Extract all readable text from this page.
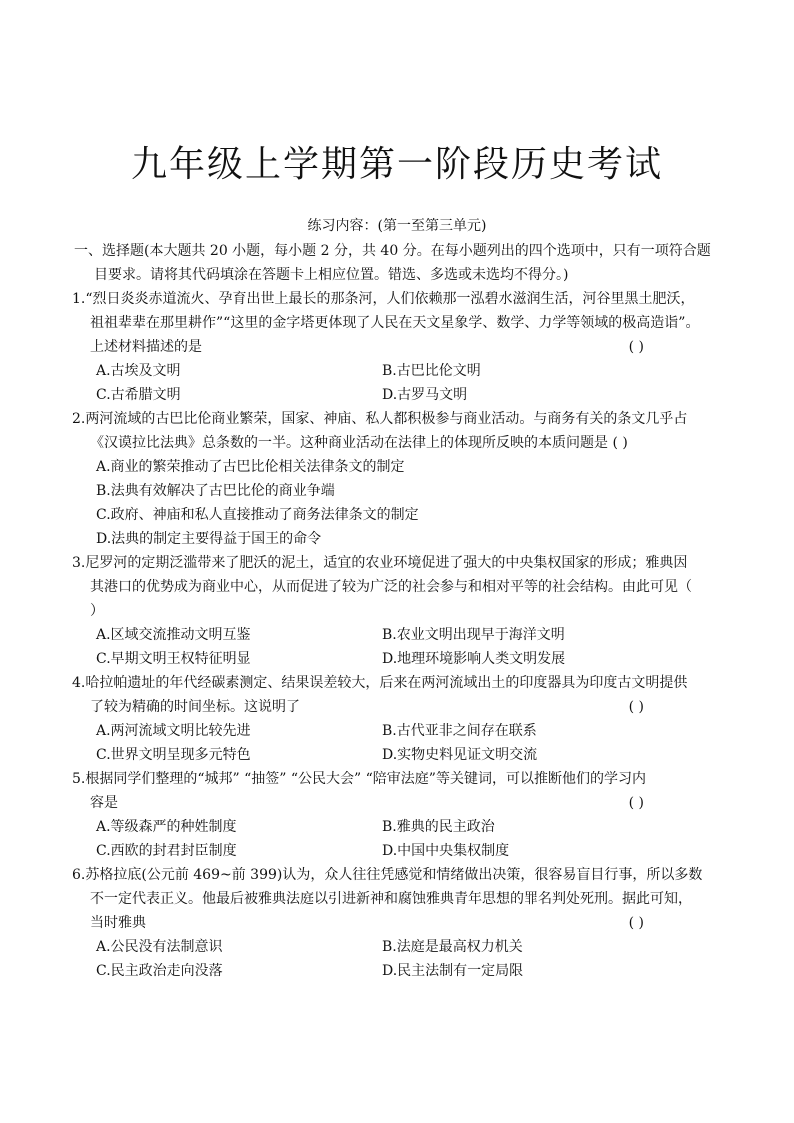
九年级上学期第一阶段历史考试
练习内容：(第一至第三单元)
一、选择题(本大题共 20 小题，每小题 2 分，共 40 分。在每小题列出的四个选项中，只有一项符合题
目要求。请将其代码填涂在答题卡上相应位置。错选、多选或未选均不得分。)
1.“烈日炎炎赤道流火、孕育出世上最长的那条河，人们依赖那一泓碧水滋润生活，河谷里黑土肥沃，
祖祖辈辈在那里耕作”“这里的金字塔更体现了人民在天文星象学、数学、力学等领域的极高造诣”。
上述材料描述的是	( )
A.古埃及文明	B.古巴比伦文明
C.古希腊文明	D.古罗马文明
2.两河流域的古巴比伦商业繁荣，国家、神庙、私人都积极参与商业活动。与商务有关的条文几乎占
《汉谟拉比法典》总条数的一半。这种商业活动在法律上的体现所反映的本质问题是 ( )
A.商业的繁荣推动了古巴比伦相关法律条文的制定
B.法典有效解决了古巴比伦的商业争端
C.政府、神庙和私人直接推动了商务法律条文的制定
D.法典的制定主要得益于国王的命令
3.尼罗河的定期泛滥带来了肥沃的泥土，适宜的农业环境促进了强大的中央集权国家的形成；雅典因
其港口的优势成为商业中心，从而促进了较为广泛的社会参与和相对平等的社会结构。由此可见（
）
A.区域交流推动文明互鉴	B.农业文明出现早于海洋文明
C.早期文明王权特征明显	D.地理环境影响人类文明发展
4.哈拉帕遗址的年代经碳素测定、结果误差较大，后来在两河流域出土的印度器具为印度古文明提供
了较为精确的时间坐标。这说明了	( )
A.两河流域文明比较先进	B.古代亚非之间存在联系
C.世界文明呈现多元特色	D.实物史料见证文明交流
5.根据同学们整理的“城邦” “抽签” “公民大会” “陪审法庭”等关键词，可以推断他们的学习内
容是	( )
A.等级森严的种姓制度	B.雅典的民主政治
C.西欧的封君封臣制度	D.中国中央集权制度
6.苏格拉底(公元前 469~前 399)认为，众人往往凭感觉和情绪做出决策，很容易盲目行事，所以多数
不一定代表正义。他最后被雅典法庭以引进新神和腐蚀雅典青年思想的罪名判处死刑。据此可知，
当时雅典	( )
A.公民没有法制意识	B.法庭是最高权力机关
C.民主政治走向没落	D.民主法制有一定局限
